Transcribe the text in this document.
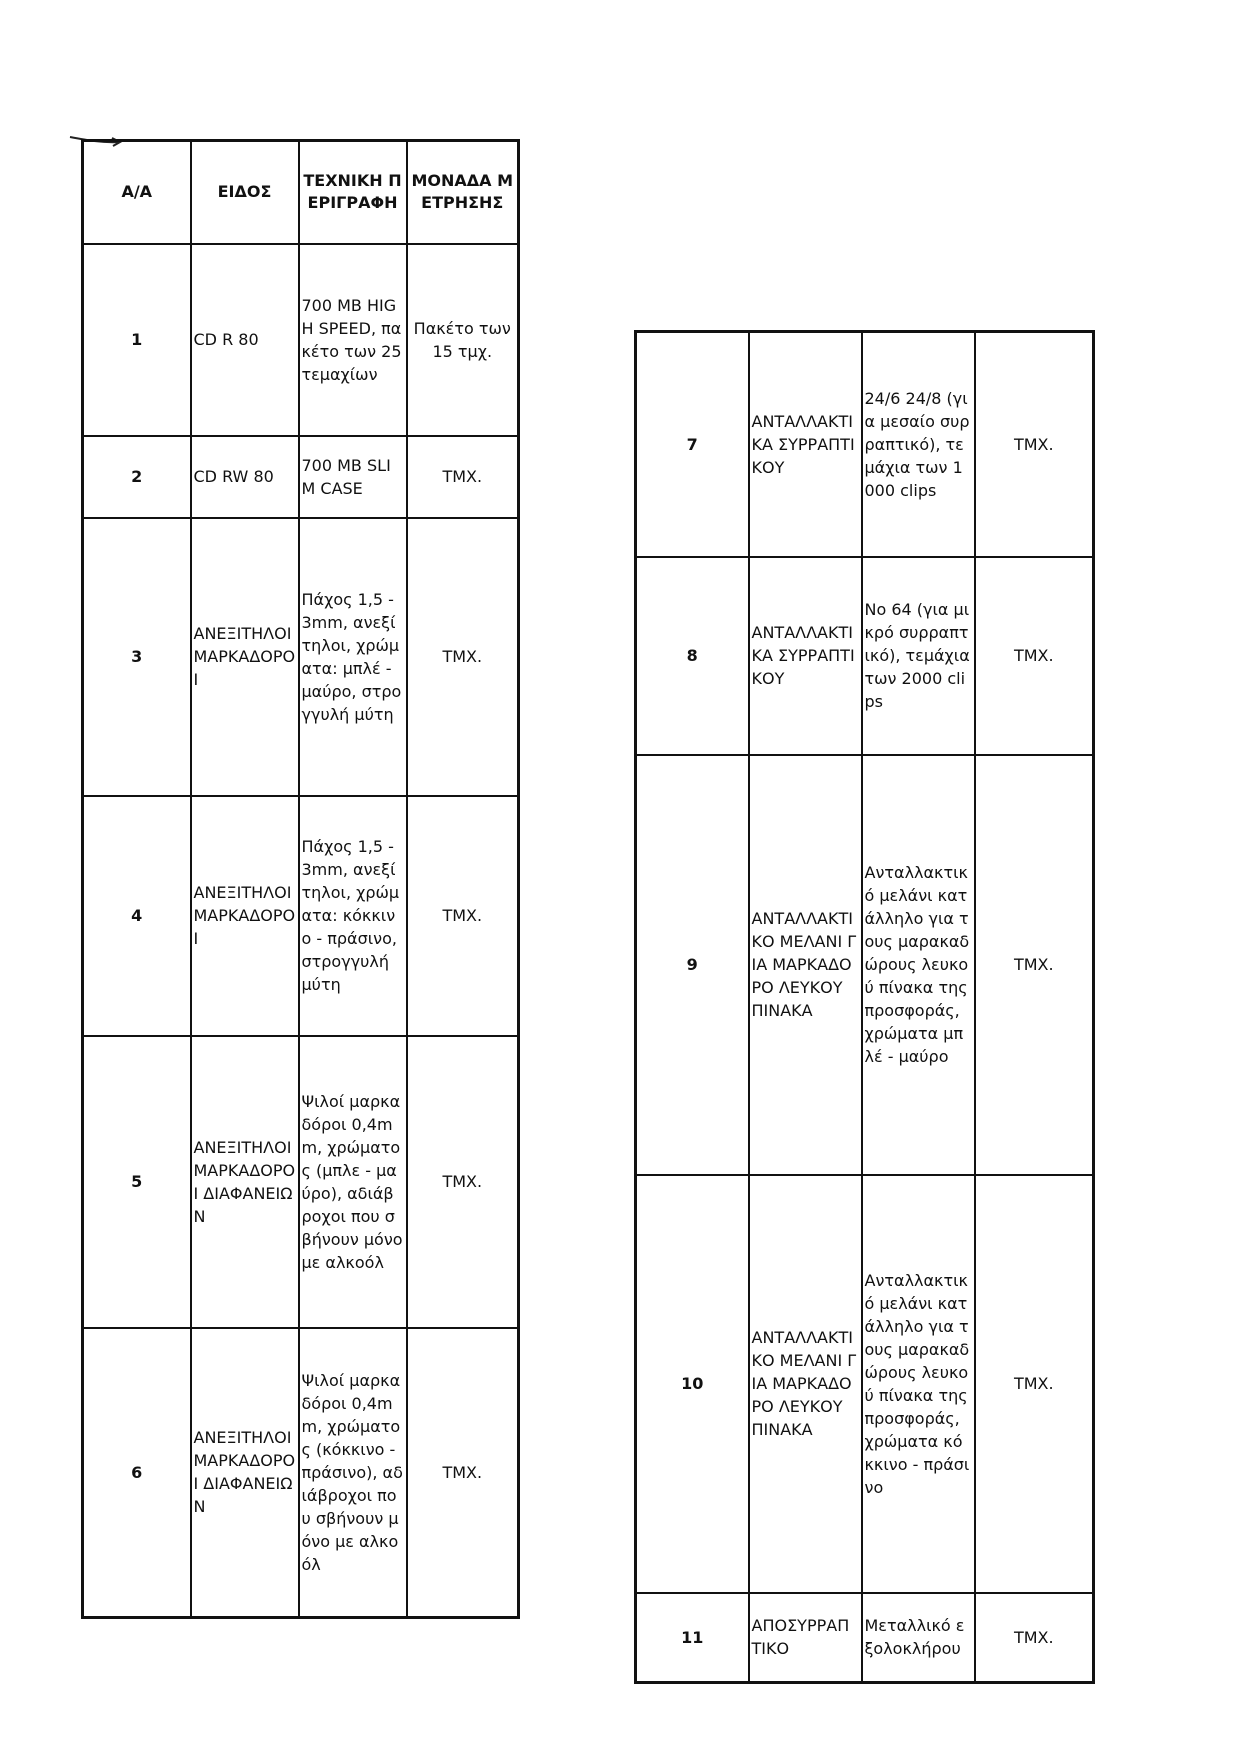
Α/Α	ΕΙΔΟΣ	ΤΕΧΝΙΚΗ ΠΕΡΙΓΡΑΦΗ	ΜΟΝΑΔΑ ΜΕΤΡΗΣΗΣ
1	CD R 80	700 MB HIGH SPEED, πακέτο των 25 τεμαχίων	Πακέτο των 15 τμχ.
2	CD RW 80	700 MB SLIM CASE	ΤΜΧ.
3	ΑΝΕΞΙΤΗΛΟΙ ΜΑΡΚΑΔΟΡΟΙ	Πάχος 1,5 - 3mm, ανεξίτηλοι, χρώματα: μπλέ - μαύρο, στρογγυλή μύτη	ΤΜΧ.
4	ΑΝΕΞΙΤΗΛΟΙ ΜΑΡΚΑΔΟΡΟΙ	Πάχος 1,5 - 3mm, ανεξίτηλοι, χρώματα: κόκκινο - πράσινο, στρογγυλή μύτη	ΤΜΧ.
5	ΑΝΕΞΙΤΗΛΟΙ ΜΑΡΚΑΔΟΡΟΙ ΔΙΑΦΑΝΕΙΩΝ	Ψιλοί μαρκαδόροι 0,4mm, χρώματος (μπλε - μαύρο), αδιάβροχοι που σβήνουν μόνο με αλκοόλ	ΤΜΧ.
6	ΑΝΕΞΙΤΗΛΟΙ ΜΑΡΚΑΔΟΡΟΙ ΔΙΑΦΑΝΕΙΩΝ	Ψιλοί μαρκαδόροι 0,4mm, χρώματος (κόκκινο - πράσινο), αδιάβροχοι που σβήνουν μόνο με αλκοόλ	ΤΜΧ.
7	ΑΝΤΑΛΛΑΚΤΙΚΑ ΣΥΡΡΑΠΤΙΚΟΥ	24/6 24/8 (για μεσαίο συρραπτικό), τεμάχια των 1000 clips	ΤΜΧ.
8	ΑΝΤΑΛΛΑΚΤΙΚΑ ΣΥΡΡΑΠΤΙΚΟΥ	Νο 64 (για μικρό συρραπτικό), τεμάχια των 2000 clips	ΤΜΧ.
9	ΑΝΤΑΛΛΑΚΤΙΚΟ ΜΕΛΑΝΙ ΓΙΑ ΜΑΡΚΑΔΟΡΟ ΛΕΥΚΟΥ ΠΙΝΑΚΑ	Ανταλλακτικό μελάνι κατάλληλο για τους μαρακαδώρους λευκού πίνακα της προσφοράς, χρώματα μπλέ - μαύρο	ΤΜΧ.
10	ΑΝΤΑΛΛΑΚΤΙΚΟ ΜΕΛΑΝΙ ΓΙΑ ΜΑΡΚΑΔΟΡΟ ΛΕΥΚΟΥ ΠΙΝΑΚΑ	Ανταλλακτικό μελάνι κατάλληλο για τους μαρακαδώρους λευκού πίνακα της προσφοράς, χρώματα κόκκινο - πράσινο	ΤΜΧ.
11	ΑΠΟΣΥΡΡΑΠΤΙΚΟ	Μεταλλικό εξολοκλήρου	ΤΜΧ.
